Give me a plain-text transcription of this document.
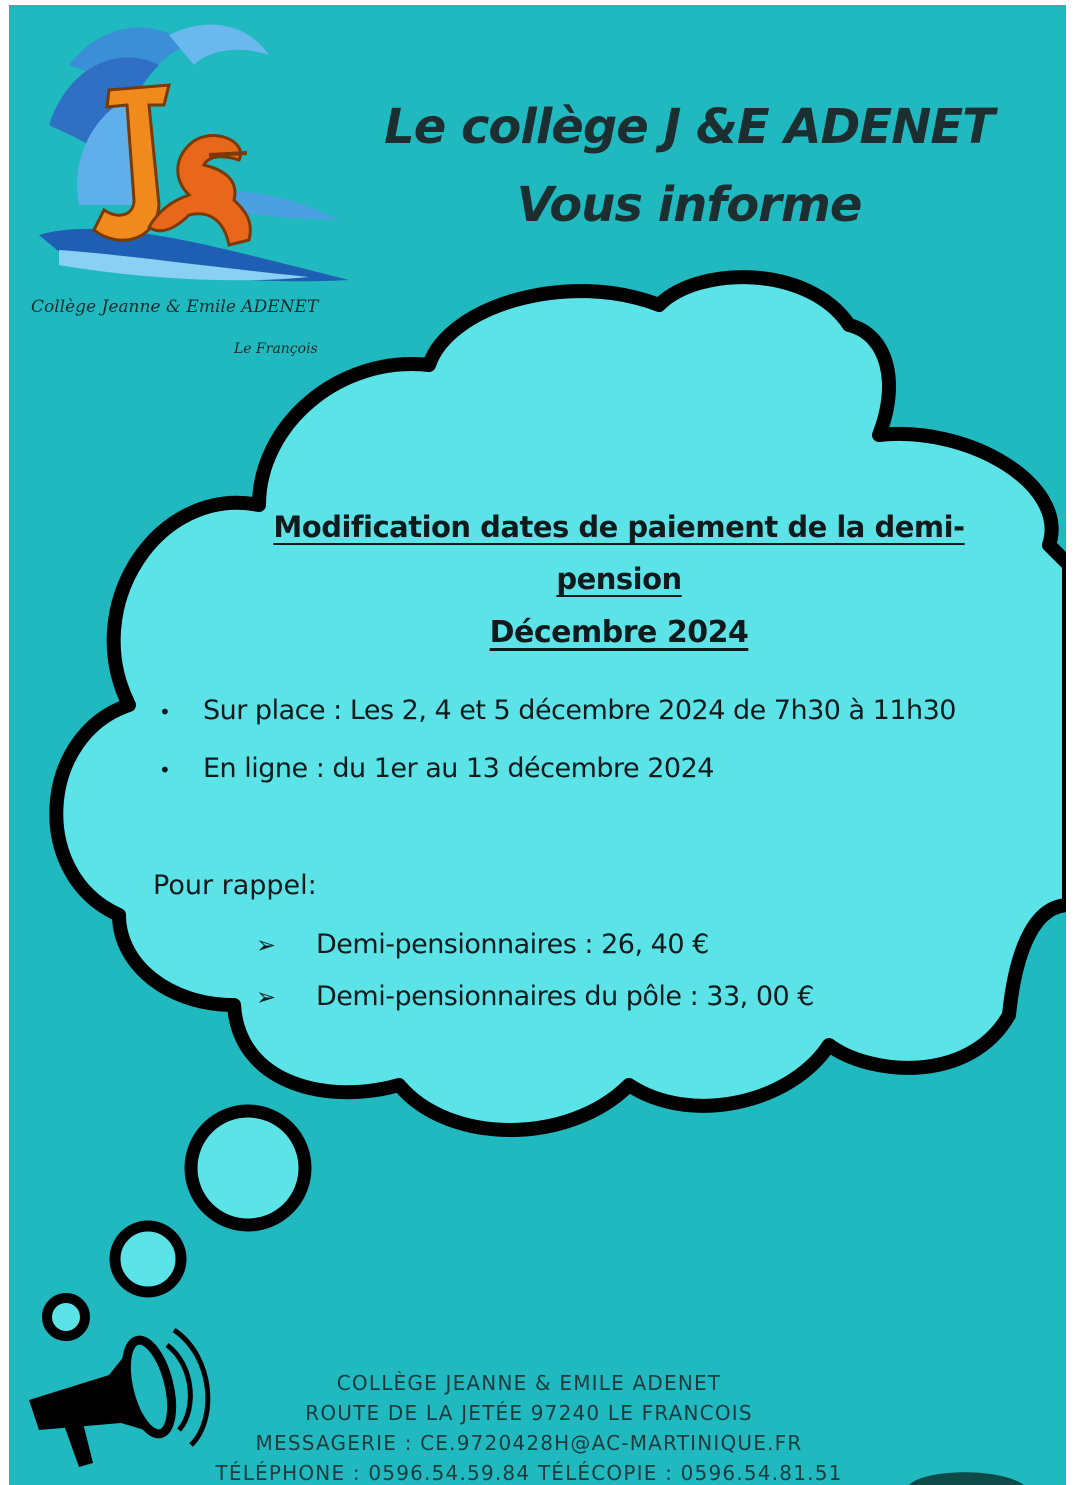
Le collège J &E ADENET
Vous informe
Collège Jeanne & Emile ADENET
Le François
Modification dates de paiement de la demi-
pension
Décembre 2024
• Sur place : Les 2, 4 et 5 décembre 2024 de 7h30 à 11h30
• En ligne : du 1er au 13 décembre 2024
Pour rappel:
➢ Demi-pensionnaires : 26, 40 €
➢ Demi-pensionnaires du pôle : 33, 00 €
COLLÈGE JEANNE & EMILE ADENET
ROUTE DE LA JETÉE 97240 LE FRANCOIS
MESSAGERIE : CE.9720428H@AC-MARTINIQUE.FR
TÉLÉPHONE : 0596.54.59.84 TÉLÉCOPIE : 0596.54.81.51
